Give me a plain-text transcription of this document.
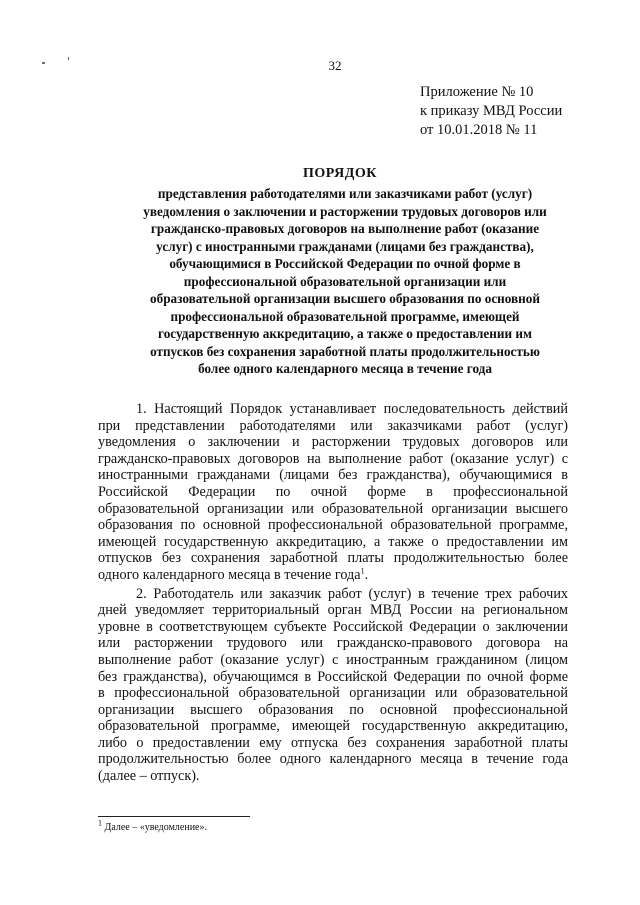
32
Приложение № 10
к приказу МВД России
от 10.01.2018 № 11
ПОРЯДОК
представления работодателями или заказчиками работ (услуг)
уведомления о заключении и расторжении трудовых договоров или
гражданско-правовых договоров на выполнение работ (оказание
услуг) с иностранными гражданами (лицами без гражданства),
обучающимися в Российской Федерации по очной форме в
профессиональной образовательной организации или
образовательной организации высшего образования по основной
профессиональной образовательной программе, имеющей
государственную аккредитацию, а также о предоставлении им
отпусков без сохранения заработной платы продолжительностью
более одного календарного месяца в течение года
1. Настоящий Порядок устанавливает последовательность действий
при представлении работодателями или заказчиками работ (услуг)
уведомления о заключении и расторжении трудовых договоров или
гражданско-правовых договоров на выполнение работ (оказание услуг) с
иностранными гражданами (лицами без гражданства), обучающимися в
Российской Федерации по очной форме в профессиональной
образовательной организации или образовательной организации высшего
образования по основной профессиональной образовательной программе,
имеющей государственную аккредитацию, а также о предоставлении им
отпусков без сохранения заработной платы продолжительностью более
одного календарного месяца в течение года$^1$.
2. Работодатель или заказчик работ (услуг) в течение трех рабочих
дней уведомляет территориальный орган МВД России на региональном
уровне в соответствующем субъекте Российской Федерации о заключении
или расторжении трудового или гражданско-правового договора на
выполнение работ (оказание услуг) с иностранным гражданином (лицом
без гражданства), обучающимся в Российской Федерации по очной форме
в профессиональной образовательной организации или образовательной
организации высшего образования по основной профессиональной
образовательной программе, имеющей государственную аккредитацию,
либо о предоставлении ему отпуска без сохранения заработной платы
продолжительностью более одного календарного месяца в течение года
(далее – отпуск).
$^1$ Далее – «уведомление».
